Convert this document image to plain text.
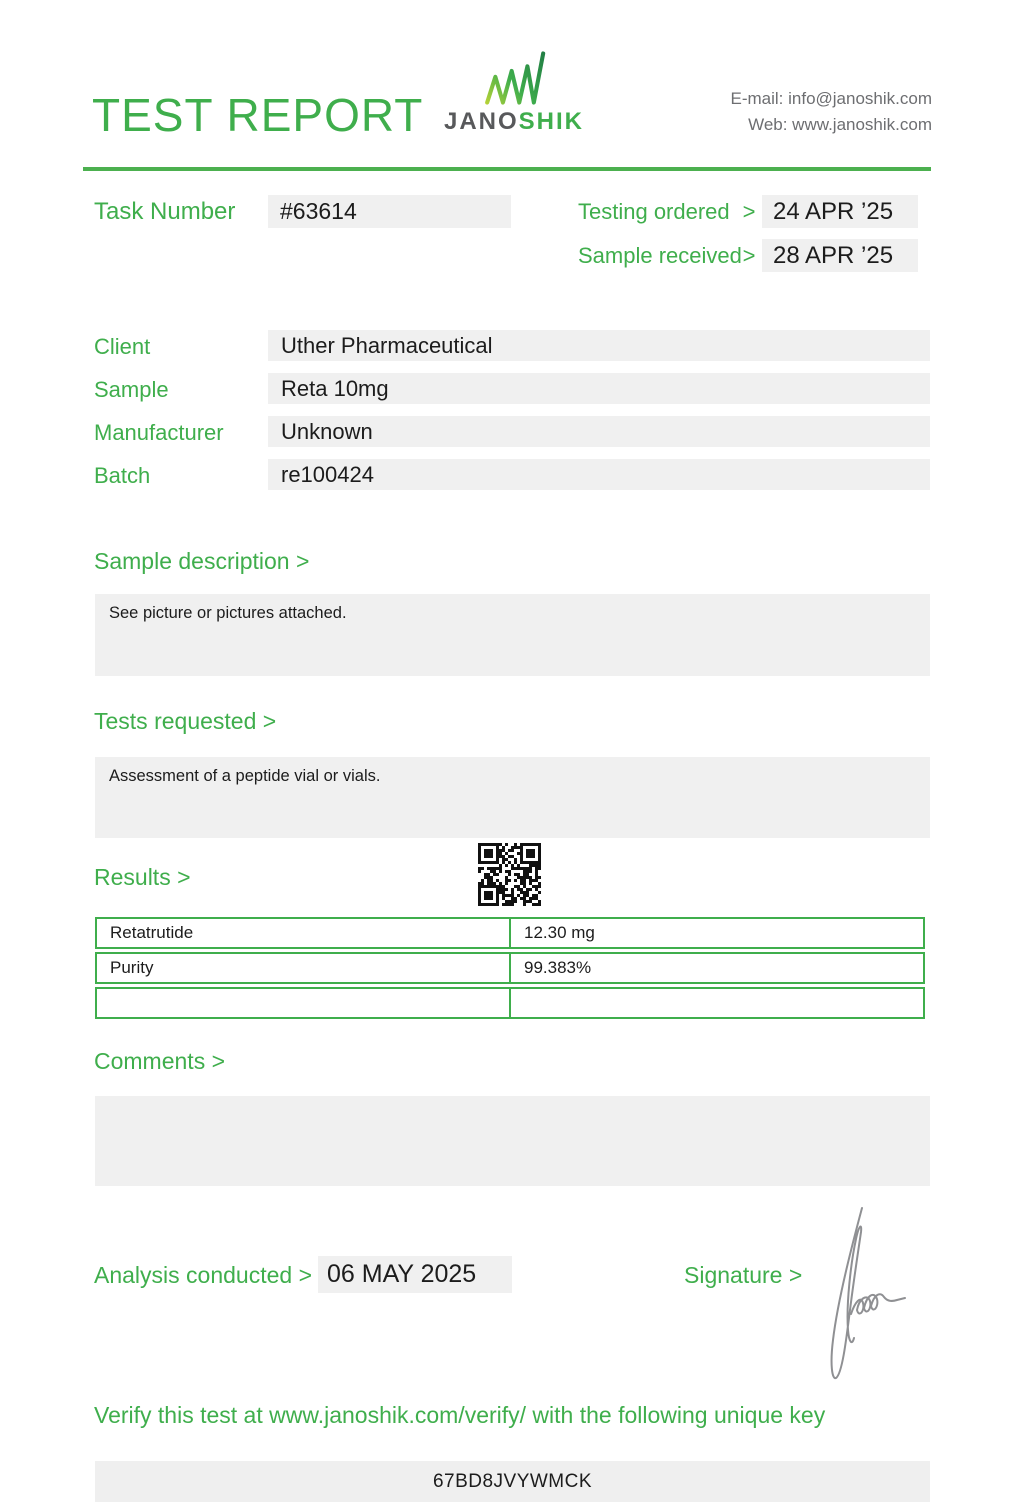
TEST REPORT JANOSHIK
E-mail: info@janoshik.com
Web: www.janoshik.com
Task Number	#63614	Testing ordered > 24 APR ’25
Sample received > 28 APR ’25
Client	Uther Pharmaceutical
Sample	Reta 10mg
Manufacturer	Unknown
Batch	re100424
Sample description >
See picture or pictures attached.
Tests requested >
Assessment of a peptide vial or vials.
Results >
Retatrutide	12.30 mg
Purity	99.383%

Comments >
Analysis conducted > 06 MAY 2025	Signature >
Verify this test at www.janoshik.com/verify/ with the following unique key
67BD8JVYWMCK
